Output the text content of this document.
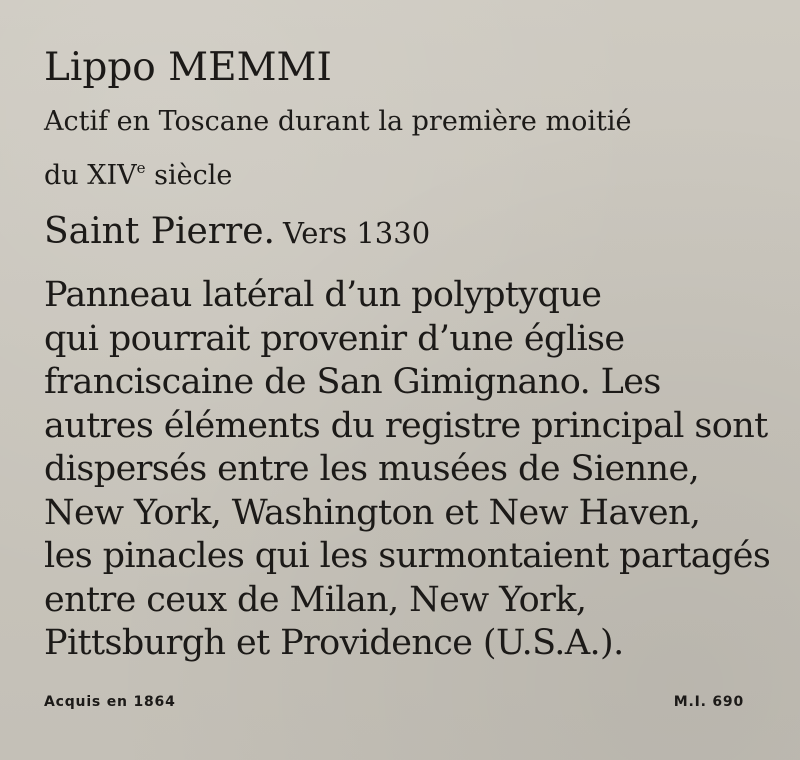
Lippo MEMMI
Actif en Toscane durant la première moitié
du XIVe siècle
Saint Pierre. Vers 1330
Panneau latéral d’un polyptyque
qui pourrait provenir d’une église
franciscaine de San Gimignano. Les
autres éléments du registre principal sont
dispersés entre les musées de Sienne,
New York, Washington et New Haven,
les pinacles qui les surmontaient partagés
entre ceux de Milan, New York,
Pittsburgh et Providence (U.S.A.).
Acquis en 1864	M.I. 690
